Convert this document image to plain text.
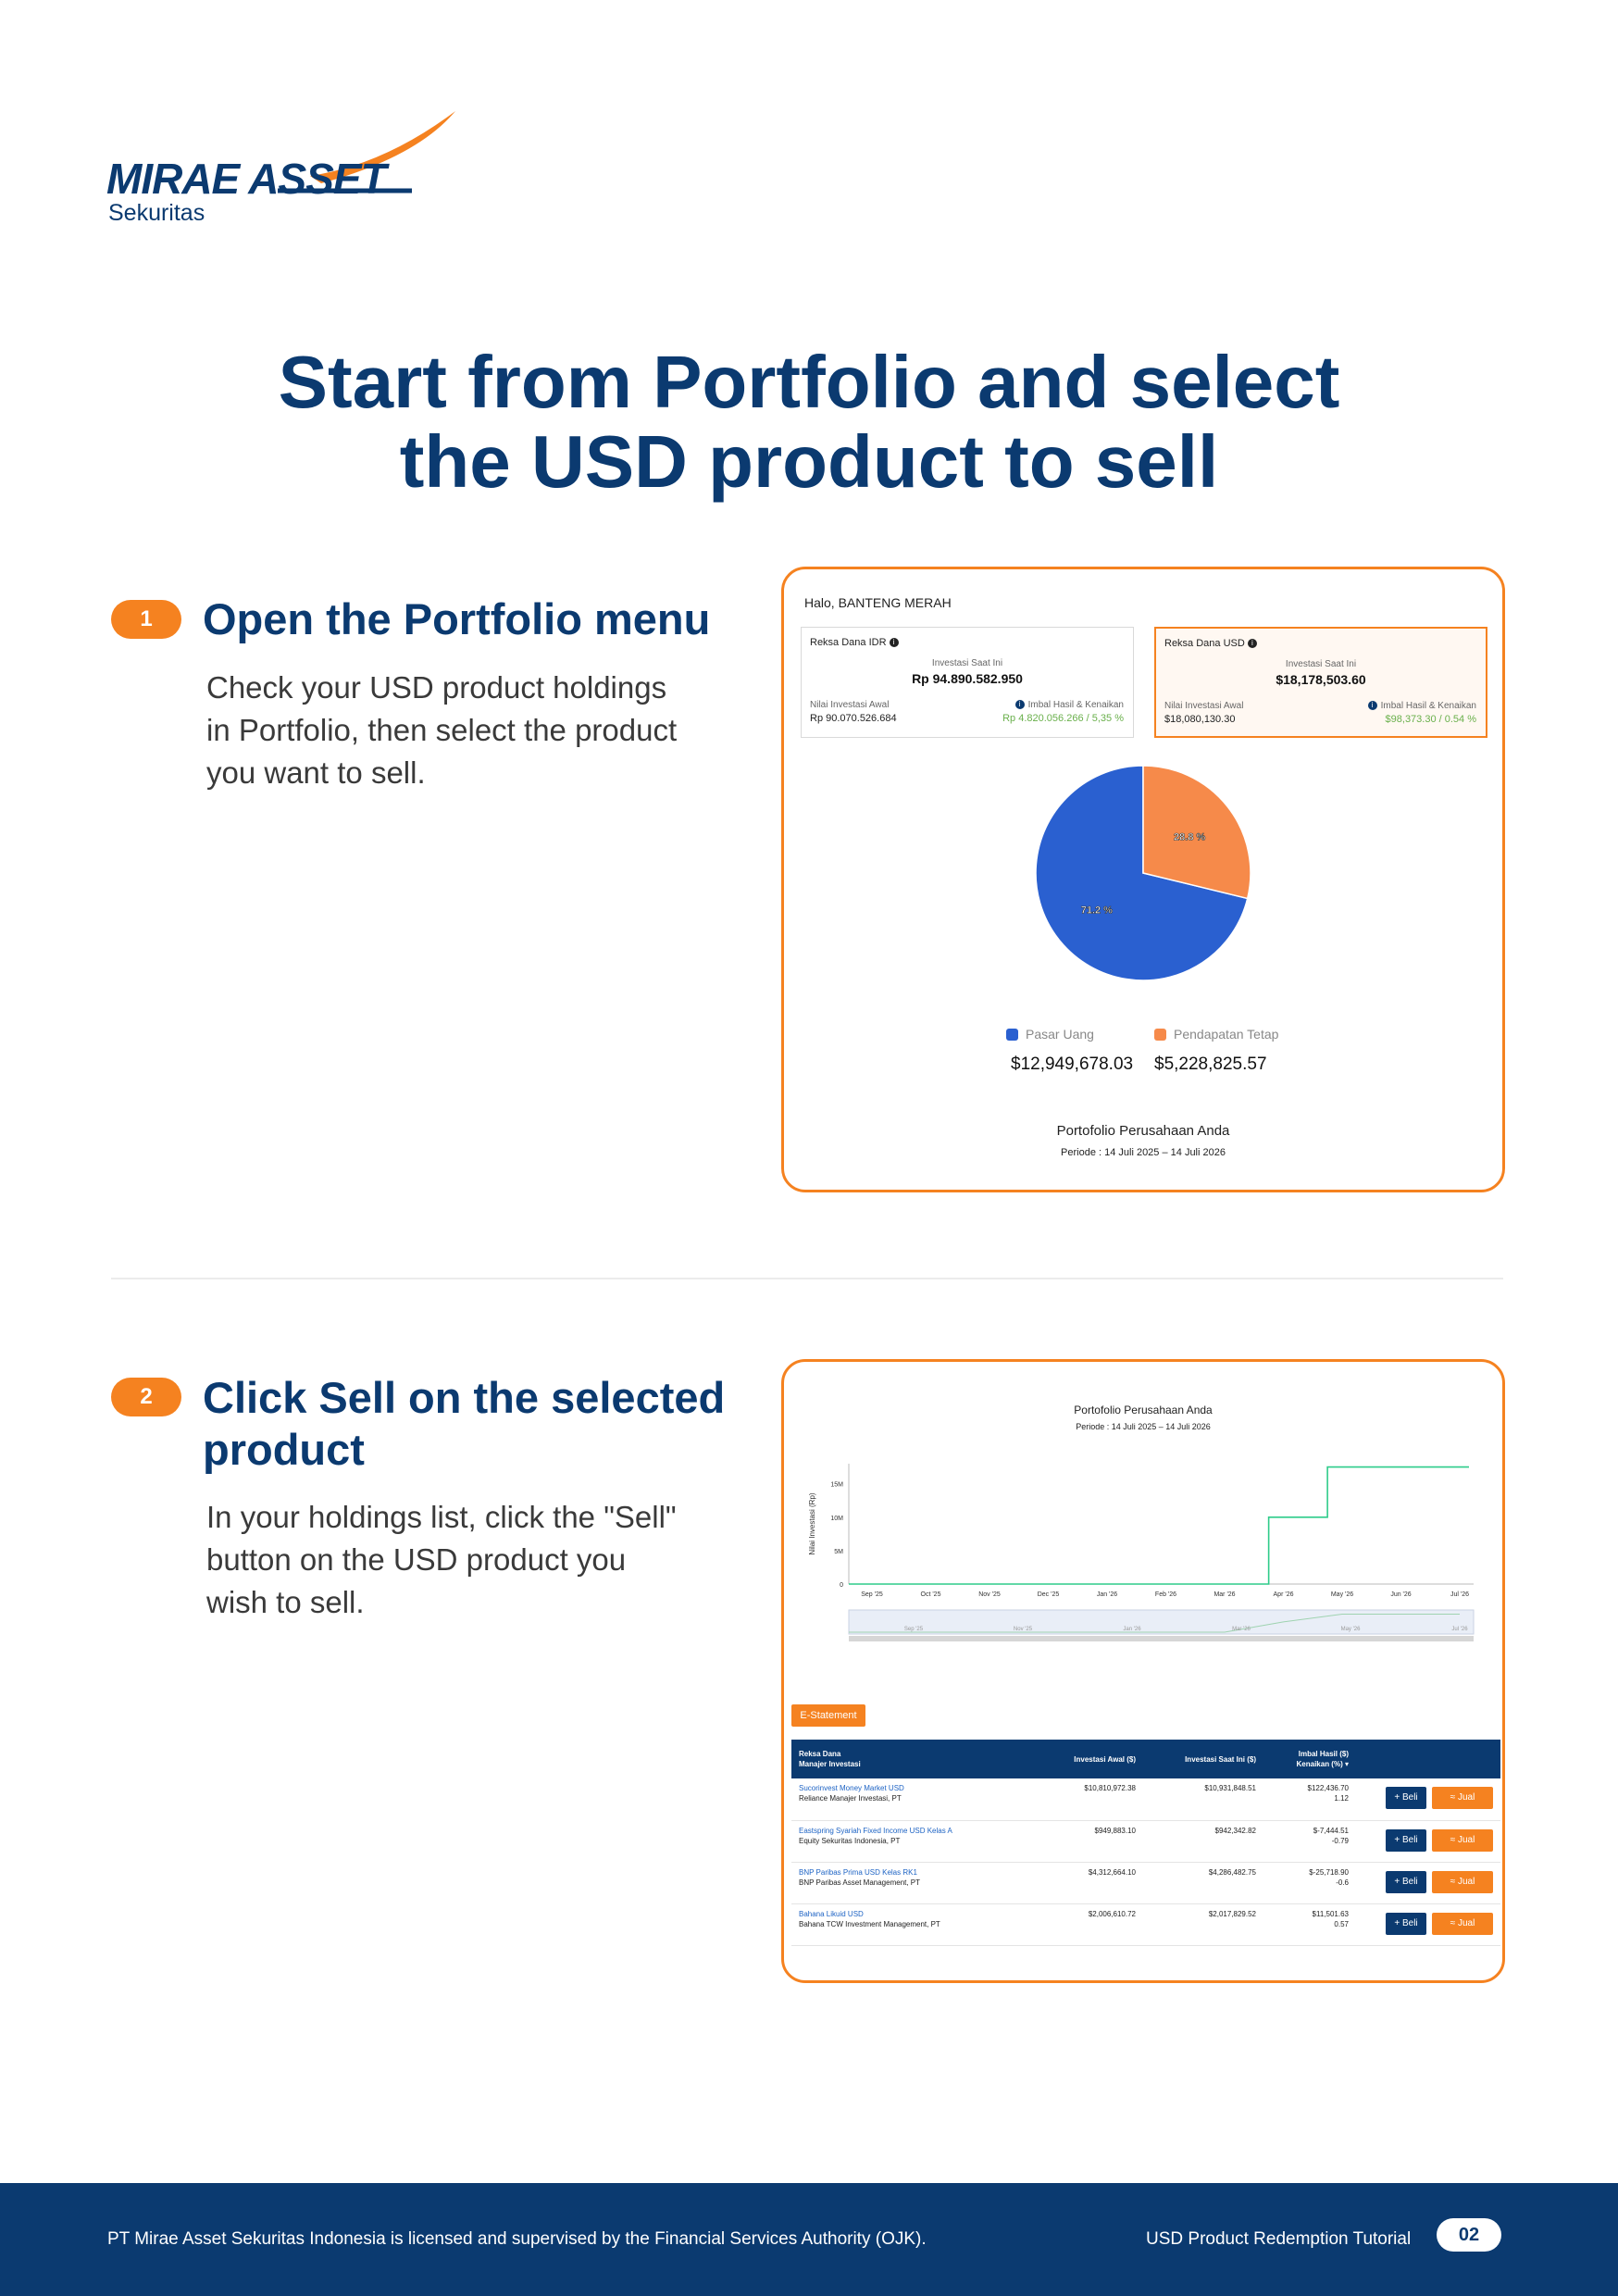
MIRAE ASSET
Sekuritas
Start from Portfolio and select
the USD product to sell
1	Open the Portfolio menu
Check your USD product holdings
in Portfolio, then select the product
you want to sell.
Halo, BANTENG MERAH
Reksa Dana IDR i
Investasi Saat Ini
Rp 94.890.582.950
Nilai Investasi Awal
Rp 90.070.526.684
i Imbal Hasil & Kenaikan
Rp 4.820.056.266 / 5,35 %
Reksa Dana USD i
Investasi Saat Ini
$18,178,503.60
Nilai Investasi Awal
$18,080,130.30
i Imbal Hasil & Kenaikan
$98,373.30 / 0.54 %
71.2 %
28.8 %
Pasar Uang	Pendapatan Tetap
$12,949,678.03 $5,228,825.57
Portofolio Perusahaan Anda
Periode : 14 Juli 2025 – 14 Juli 2026
2	Click Sell on the selected
product
In your holdings list, click the "Sell"
button on the USD product you
wish to sell.
Portofolio Perusahaan Anda
Periode : 14 Juli 2025 – 14 Juli 2026
Nilai Investasi (Rp)
0
5M
10M
15M
Sep '25	Oct '25	Nov '25	Dec '25	Jan '26	Feb '26	Mar '26	Apr '26	May '26	Jun '26	Jul '26
Sep '25	Nov '25	Jan '26	Mar '26	May '26	Jul '26
E-Statement
Reksa Dana
Manajer Investasi	Investasi Awal ($)	Investasi Saat Ini ($)	Imbal Hasil ($)
Kenaikan (%) ▾	

Sucorinvest Money Market USD
Reliance Manajer Investasi, PT	$10,810,972.38	$10,931,848.51	$122,436.70
1.12	+ Beli ≈ Jual

Eastspring Syariah Fixed Income USD Kelas A
Equity Sekuritas Indonesia, PT	$949,883.10	$942,342.82	$-7,444.51
-0.79	+ Beli ≈ Jual

BNP Paribas Prima USD Kelas RK1
BNP Paribas Asset Management, PT	$4,312,664.10	$4,286,482.75	$-25,718.90
-0.6	+ Beli ≈ Jual

Bahana Likuid USD
Bahana TCW Investment Management, PT	$2,006,610.72	$2,017,829.52	$11,501.63
0.57	+ Beli ≈ Jual
PT Mirae Asset Sekuritas Indonesia is licensed and supervised by the Financial Services Authority (OJK).	USD Product Redemption Tutorial	02
